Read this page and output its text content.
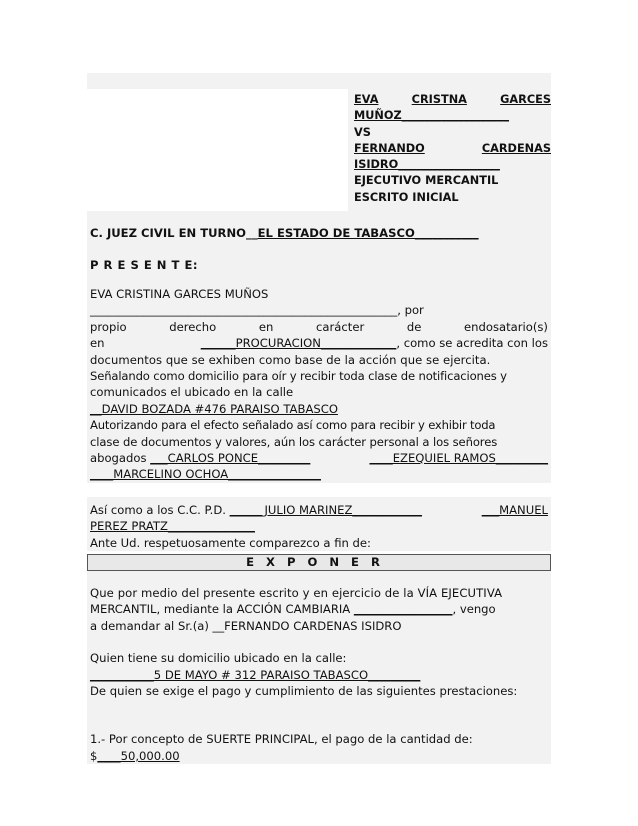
EVA	CRISTNA	GARCES
MUÑOZ___________________
VS
FERNANDO	CARDENAS
ISIDRO__________________
EJECUTIVO MERCANTIL
ESCRITO INICIAL
C. JUEZ CIVIL EN TURNO__EL ESTADO DE TABASCO___________
P R E S E N T E:
EVA CRISTINA GARCES MUÑOS
_____________________________________________________, por
propio	derecho	en	carácter	de	endosatario(s)
en	______PROCURACION_____________, como se acredita con los
documentos que se exhiben como base de la acción que se ejercita.
Señalando como domicilio para oír y recibir toda clase de notificaciones y
comunicados el ubicado en la calle
__DAVID BOZADA #476 PARAISO TABASCO
Autorizando para el efecto señalado así como para recibir y exhibir toda
clase de documentos y valores, aún los carácter personal a los señores
abogados ___CARLOS PONCE_________	____EZEQUIEL RAMOS_________
____MARCELINO OCHOA________________
Así como a los C.C. P.D. ______JULIO MARINEZ____________	___MANUEL
PEREZ PRATZ_______________
Ante Ud. respetuosamente comparezco a fin de:
EXPONER
Que por medio del presente escrito y en ejercicio de la VÍA EJECUTIVA
MERCANTIL, mediante la ACCIÓN CAMBIARIA _________________, vengo
a demandar al Sr.(a) __FERNANDO CARDENAS ISIDRO
Quien tiene su domicilio ubicado en la calle:
___________5 DE MAYO # 312 PARAISO TABASCO_________
De quien se exige el pago y cumplimiento de las siguientes prestaciones:
1.- Por concepto de SUERTE PRINCIPAL, el pago de la cantidad de:
$____50,000.00
